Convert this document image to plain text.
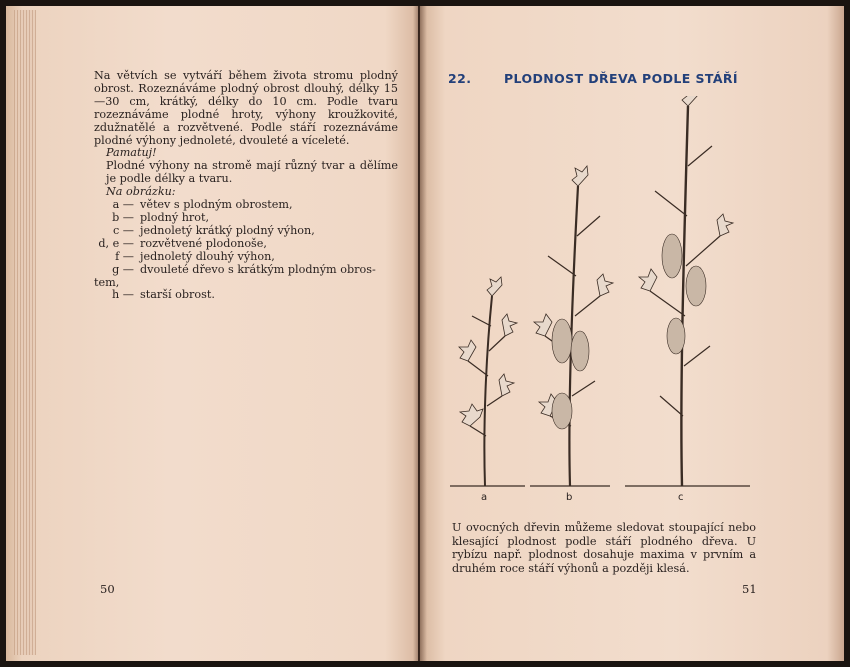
Na větvích se vytváří během života stromu plodný obrost. Rozeznáváme plodný obrost dlouhý, délky 15 —30 cm, krátký, délky do 10 cm. Podle tvaru rozeznáváme plodné hroty, výhony kroužkovité, zdužnatělé a rozvětvené. Podle stáří rozeznáváme plodné výhony jednoleté, dvouleté a víceleté.

Pamatuj!

Plodné výhony na stromě mají různý tvar a dělíme je podle délky a tvaru.

Na obrázku:

a — větev s plodným obrostem,
b — plodný hrot,
c — jednoletý krátký plodný výhon,
d, e — rozvětvené plodonoše,
f — jednoletý dlouhý výhon,
g — dvouleté dřevo s krátkým plodným obros-
tem,
h — starší obrost.
50
22.	PLODNOST DŘEVA PODLE STÁŘÍ
a	b	c
U ovocných dřevin můžeme sledovat stoupající nebo klesající plodnost podle stáří plodného dřeva. U rybízu např. plodnost dosahuje maxima v prvním a druhém roce stáří výhonů a později klesá.
51
